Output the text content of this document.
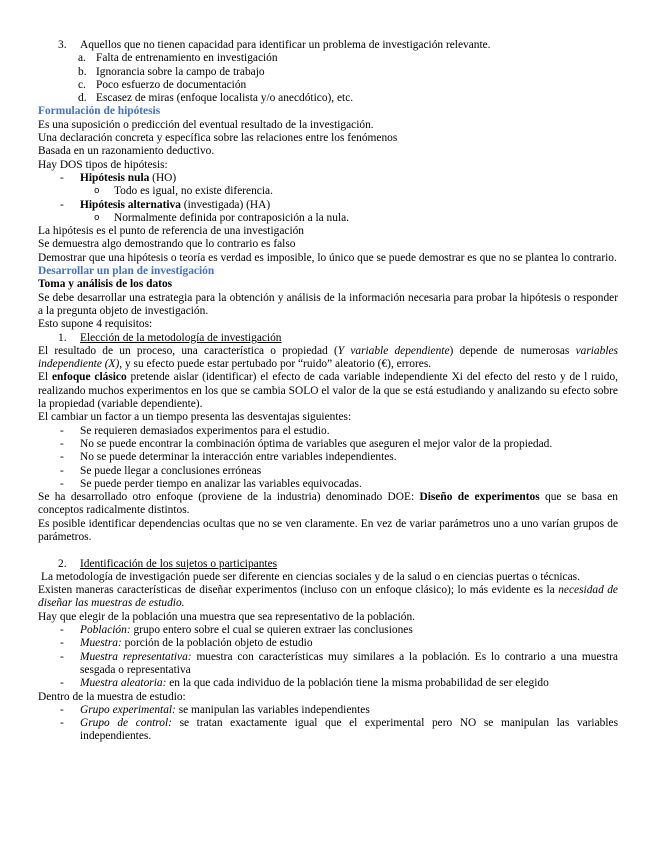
3. Aquellos que no tienen capacidad para identificar un problema de investigación relevante.
a. Falta de entrenamiento en investigación
b. Ignorancia sobre la campo de trabajo
c. Poco esfuerzo de documentación
d. Escasez de miras (enfoque localista y/o anecdótico), etc.
Formulación de hipótesis
Es una suposición o predicción del eventual resultado de la investigación.
Una declaración concreta y específica sobre las relaciones entre los fenómenos
Basada en un razonamiento deductivo.
Hay DOS tipos de hipótesis:
- Hipótesis nula (HO)
o Todo es igual, no existe diferencia.
- Hipótesis alternativa (investigada) (HA)
o Normalmente definida por contraposición a la nula.
La hipótesis es el punto de referencia de una investigación
Se demuestra algo demostrando que lo contrario es falso
Demostrar que una hipótesis o teoría es verdad es imposible, lo único que se puede demostrar es que no se plantea lo contrario.
Desarrollar un plan de investigación
Toma y análisis de los datos
Se debe desarrollar una estrategia para la obtención y análisis de la información necesaria para probar la hipótesis o responder a la pregunta objeto de investigación.
Esto supone 4 requisitos:
1. Elección de la metodología de investigación
El resultado de un proceso, una característica o propiedad (Y variable dependiente) depende de numerosas variables independiente (X), y su efecto puede estar pertubado por “ruido” aleatorio (€), errores.
El enfoque clásico pretende aislar (identificar) el efecto de cada variable independiente Xi del efecto del resto y de l ruido, realizando muchos experimentos en los que se cambia SOLO el valor de la que se está estudiando y analizando su efecto sobre la propiedad (variable dependiente).
El cambiar un factor a un tiempo presenta las desventajas siguientes:
- Se requieren demasiados experimentos para el estudio.
- No se puede encontrar la combinación óptima de variables que aseguren el mejor valor de la propiedad.
- No se puede determinar la interacción entre variables independientes.
- Se puede llegar a conclusiones erróneas
- Se puede perder tiempo en analizar las variables equivocadas.
Se ha desarrollado otro enfoque (proviene de la industria) denominado DOE: Diseño de experimentos que se basa en conceptos radicalmente distintos.
Es posible identificar dependencias ocultas que no se ven claramente. En vez de variar parámetros uno a uno varían grupos de parámetros.
2. Identificación de los sujetos o participantes
La metodología de investigación puede ser diferente en ciencias sociales y de la salud o en ciencias puertas o técnicas.
Existen maneras características de diseñar experimentos (incluso con un enfoque clásico); lo más evidente es la necesidad de diseñar las muestras de estudio.
Hay que elegir de la población una muestra que sea representativo de la población.
- Población: grupo entero sobre el cual se quieren extraer las conclusiones
- Muestra: porción de la población objeto de estudio
- Muestra representativa: muestra con características muy similares a la población. Es lo contrario a una muestra sesgada o representativa
- Muestra aleatoria: en la que cada individuo de la población tiene la misma probabilidad de ser elegido
Dentro de la muestra de estudio:
- Grupo experimental: se manipulan las variables independientes
- Grupo de control: se tratan exactamente igual que el experimental pero NO se manipulan las variables independientes.
